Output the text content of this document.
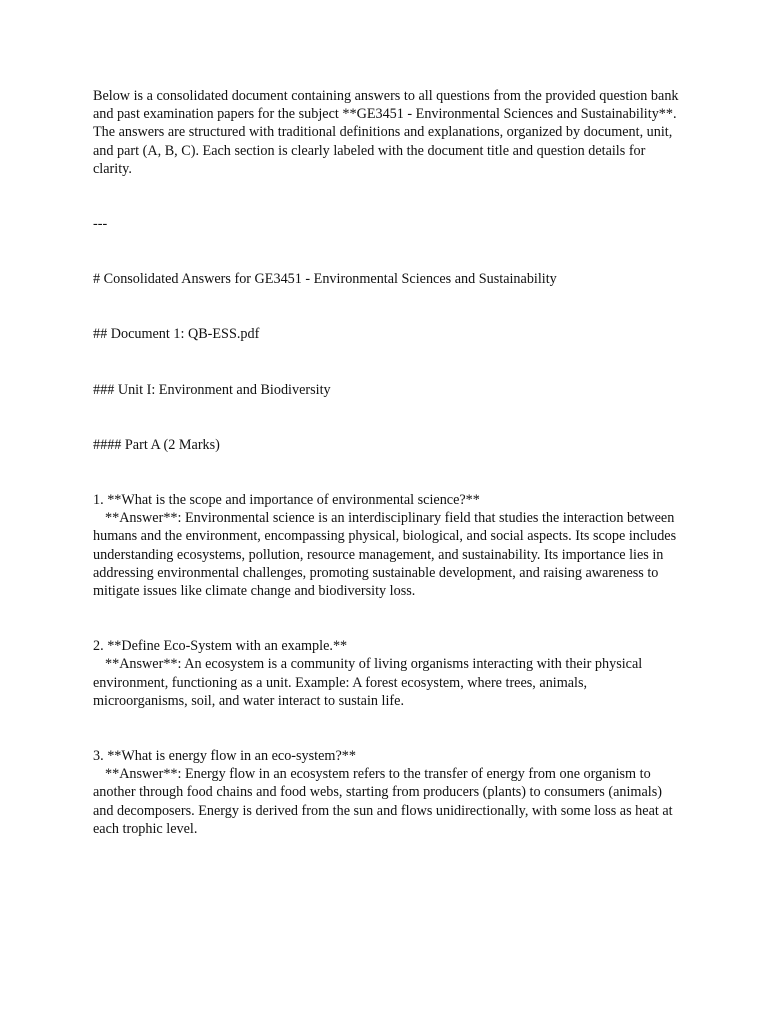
Below is a consolidated document containing answers to all questions from the provided question bank and past examination papers for the subject **GE3451 - Environmental Sciences and Sustainability**. The answers are structured with traditional definitions and explanations, organized by document, unit, and part (A, B, C). Each section is clearly labeled with the document title and question details for clarity.

---

# Consolidated Answers for GE3451 - Environmental Sciences and Sustainability

## Document 1: QB-ESS.pdf

### Unit I: Environment and Biodiversity

#### Part A (2 Marks)

1. **What is the scope and importance of environmental science?**

**Answer**: Environmental science is an interdisciplinary field that studies the interaction between humans and the environment, encompassing physical, biological, and social aspects. Its scope includes understanding ecosystems, pollution, resource management, and sustainability. Its importance lies in addressing environmental challenges, promoting sustainable development, and raising awareness to mitigate issues like climate change and biodiversity loss.

2. **Define Eco-System with an example.**

**Answer**: An ecosystem is a community of living organisms interacting with their physical environment, functioning as a unit. Example: A forest ecosystem, where trees, animals, microorganisms, soil, and water interact to sustain life.

3. **What is energy flow in an eco-system?**

**Answer**: Energy flow in an ecosystem refers to the transfer of energy from one organism to another through food chains and food webs, starting from producers (plants) to consumers (animals) and decomposers. Energy is derived from the sun and flows unidirectionally, with some loss as heat at each trophic level.
